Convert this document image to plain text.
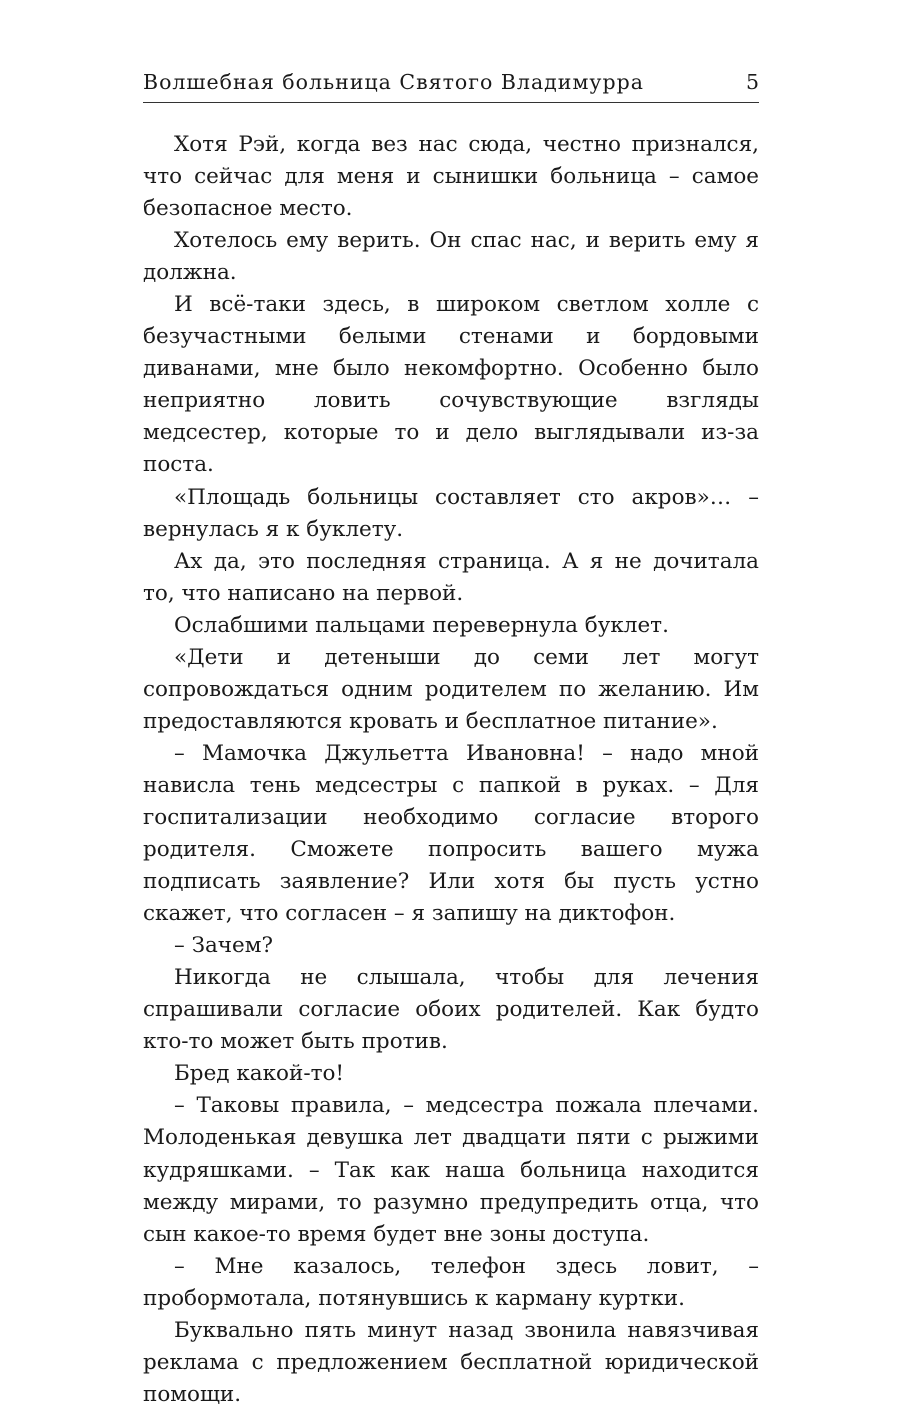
Волшебная больница Святого Владимурра	5

Хотя Рэй, когда вез нас сюда, честно признался, что сейчас для меня и сынишки больница – самое безопасное место.

Хотелось ему верить. Он спас нас, и верить ему я должна.

И всё-таки здесь, в широком светлом холле с безучастными белыми стенами и бордовыми диванами, мне было некомфортно. Особенно было неприятно ловить сочувствующие взгляды медсестер, которые то и дело выглядывали из-за поста.

«Площадь больницы составляет сто акров»… – вернулась я к буклету.

Ах да, это последняя страница. А я не дочитала то, что написано на первой.

Ослабшими пальцами перевернула буклет.

«Дети и детеныши до семи лет могут сопровождаться одним родителем по желанию. Им предоставляются кровать и бесплатное питание».

– Мамочка Джульетта Ивановна! – надо мной нависла тень медсестры с папкой в руках. – Для госпитализации необходимо согласие второго родителя. Сможете попросить вашего мужа подписать заявление? Или хотя бы пусть устно скажет, что согласен – я запишу на диктофон.

– Зачем?

Никогда не слышала, чтобы для лечения спрашивали согласие обоих родителей. Как будто кто-то может быть против.

Бред какой-то!

– Таковы правила, – медсестра пожала плечами. Молоденькая девушка лет двадцати пяти с рыжими кудряшками. – Так как наша больница находится между мирами, то разумно предупредить отца, что сын какое-то время будет вне зоны доступа.

– Мне казалось, телефон здесь ловит, – пробормотала, потянувшись к карману куртки.

Буквально пять минут назад звонила навязчивая реклама с предложением бесплатной юридической помощи.
